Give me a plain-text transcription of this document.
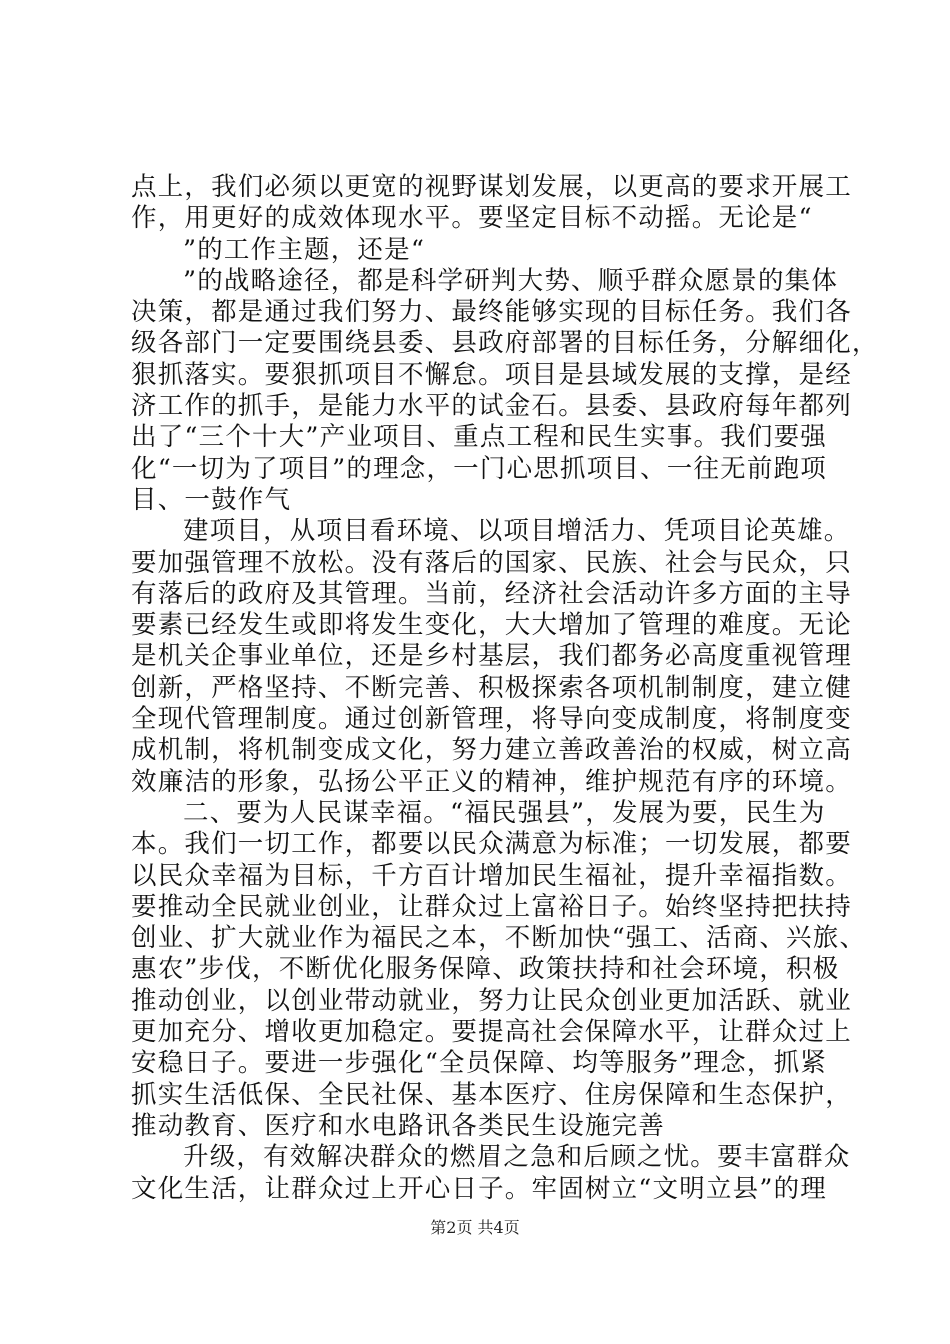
点上，我们必须以更宽的视野谋划发展，以更高的要求开展工
作，用更好的成效体现水平。要坚定目标不动摇。无论是“
”的工作主题，还是“
”的战略途径，都是科学研判大势、顺乎群众愿景的集体
决策，都是通过我们努力、最终能够实现的目标任务。我们各
级各部门一定要围绕县委、县政府部署的目标任务，分解细化，
狠抓落实。要狠抓项目不懈怠。项目是县域发展的支撑，是经
济工作的抓手，是能力水平的试金石。县委、县政府每年都列
出了“三个十大”产业项目、重点工程和民生实事。我们要强
化“一切为了项目”的理念，一门心思抓项目、一往无前跑项
目、一鼓作气
建项目，从项目看环境、以项目增活力、凭项目论英雄。
要加强管理不放松。没有落后的国家、民族、社会与民众，只
有落后的政府及其管理。当前，经济社会活动许多方面的主导
要素已经发生或即将发生变化，大大增加了管理的难度。无论
是机关企事业单位，还是乡村基层，我们都务必高度重视管理
创新，严格坚持、不断完善、积极探索各项机制制度，建立健
全现代管理制度。通过创新管理，将导向变成制度，将制度变
成机制，将机制变成文化，努力建立善政善治的权威，树立高
效廉洁的形象，弘扬公平正义的精神，维护规范有序的环境。
二、要为人民谋幸福。“福民强县”，发展为要，民生为
本。我们一切工作，都要以民众满意为标准；一切发展，都要
以民众幸福为目标，千方百计增加民生福祉，提升幸福指数。
要推动全民就业创业，让群众过上富裕日子。始终坚持把扶持
创业、扩大就业作为福民之本，不断加快“强工、活商、兴旅、
惠农”步伐，不断优化服务保障、政策扶持和社会环境，积极
推动创业，以创业带动就业，努力让民众创业更加活跃、就业
更加充分、增收更加稳定。要提高社会保障水平，让群众过上
安稳日子。要进一步强化“全员保障、均等服务”理念，抓紧
抓实生活低保、全民社保、基本医疗、住房保障和生态保护，
推动教育、医疗和水电路讯各类民生设施完善
升级，有效解决群众的燃眉之急和后顾之忧。要丰富群众
文化生活，让群众过上开心日子。牢固树立“文明立县”的理
第2页 共4页
